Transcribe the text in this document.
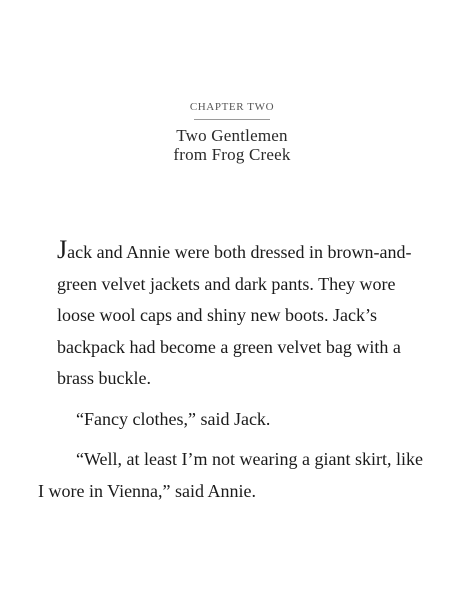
CHAPTER TWO
Two Gentlemen
from Frog Creek

Jack and Annie were both dressed in brown-and-
green velvet jackets and dark pants. They wore
loose wool caps and shiny new boots. Jack’s
backpack had become a green velvet bag with a
brass buckle.

“Fancy clothes,” said Jack.

“Well, at least I’m not wearing a giant skirt, like
I wore in Vienna,” said Annie.
